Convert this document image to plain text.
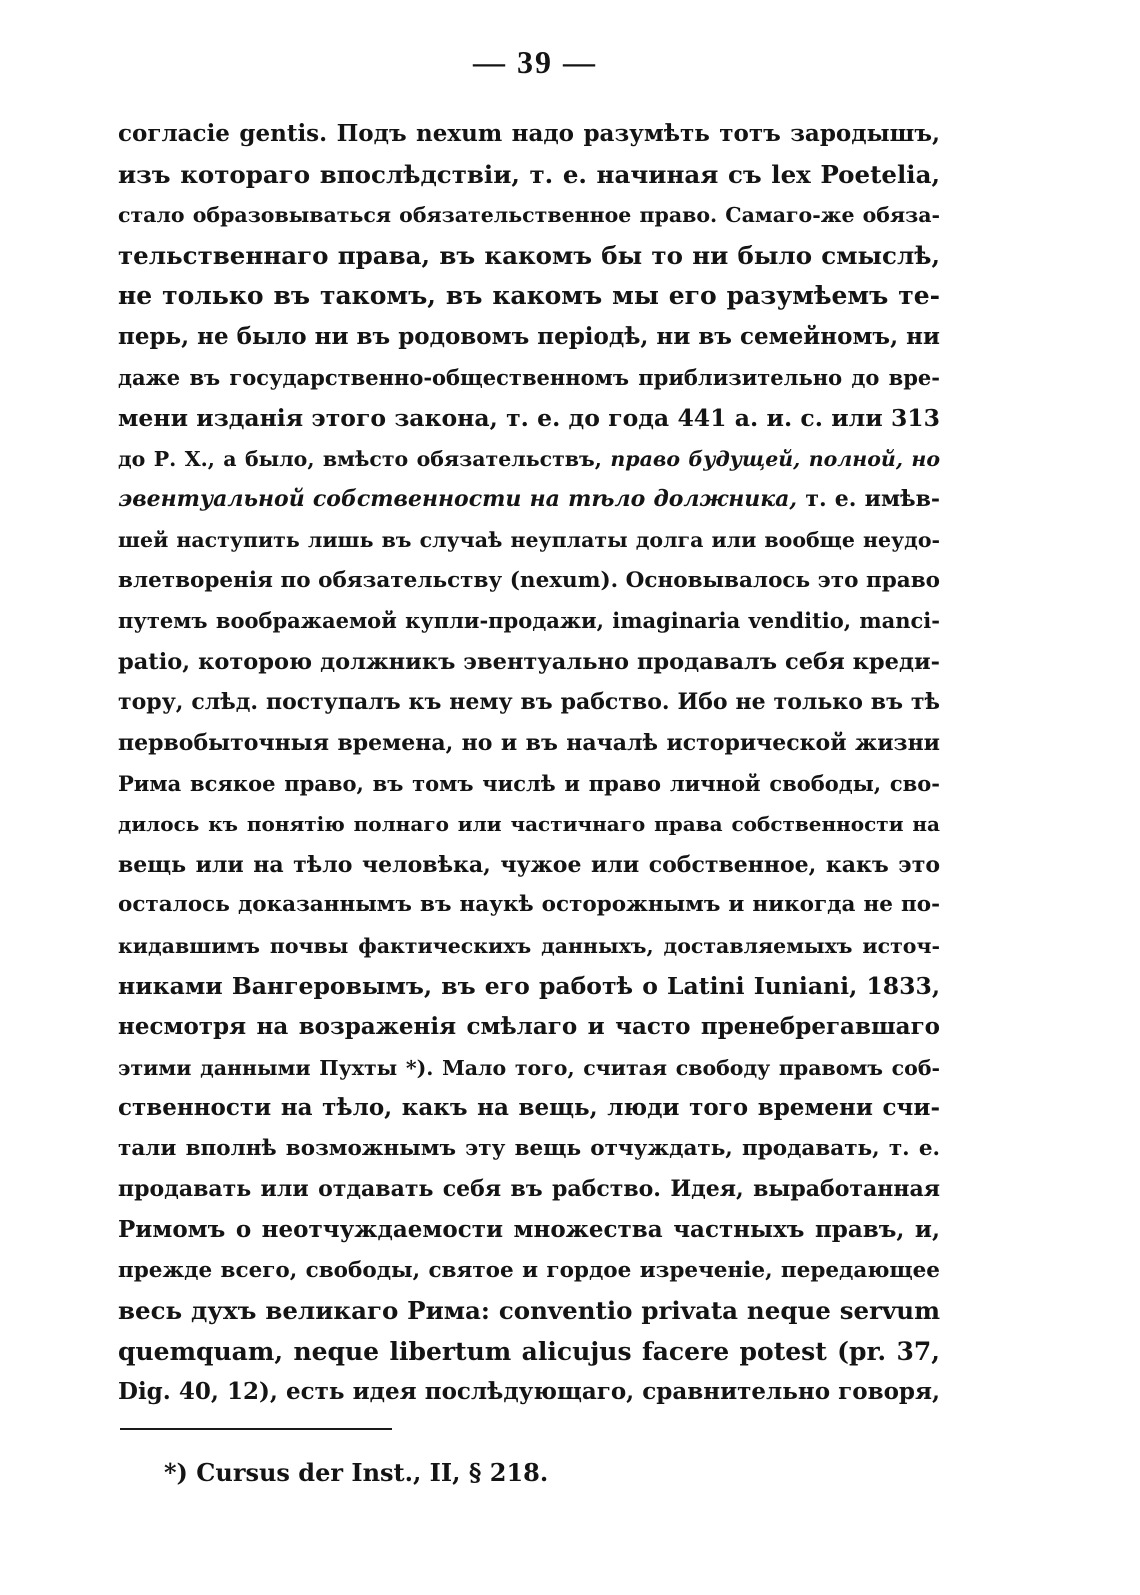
— 39 —
согласіе gentis. Подъ nexum надо разумѣть тотъ зародышъ,
изъ котораго впослѣдствіи, т. е. начиная съ lex Poetelia,
стало образовываться обязательственное право. Самаго-же обяза-
тельственнаго права, въ какомъ бы то ни было смыслѣ,
не только въ такомъ, въ какомъ мы его разумѣемъ те-
перь, не было ни въ родовомъ періодѣ, ни въ семейномъ, ни
даже въ государственно-общественномъ приблизительно до вре-
мени изданія этого закона, т. е. до года 441 а. и. с. или 313
до Р. Х., а было, вмѣсто обязательствъ, право будущей, полной, но
эвентуальной собственности на тѣло должника, т. е. имѣв-
шей наступить лишь въ случаѣ неуплаты долга или вообще неудо-
влетворенія по обязательству (nexum). Основывалось это право
путемъ воображаемой купли-продажи, imaginaria venditio, manci-
patio, которою должникъ эвентуально продавалъ себя креди-
тору, слѣд. поступалъ къ нему въ рабство. Ибо не только въ тѣ
первобыточныя времена, но и въ началѣ исторической жизни
Рима всякое право, въ томъ числѣ и право личной свободы, сво-
дилось къ понятію полнаго или частичнаго права собственности на
вещь или на тѣло человѣка, чужое или собственное, какъ это
осталось доказаннымъ въ наукѣ осторожнымъ и никогда не по-
кидавшимъ почвы фактическихъ данныхъ, доставляемыхъ источ-
никами Вангеровымъ, въ его работѣ о Latini Iuniani, 1833,
несмотря на возраженія смѣлаго и часто пренебрегавшаго
этими данными Пухты *). Мало того, считая свободу правомъ соб-
ственности на тѣло, какъ на вещь, люди того времени счи-
тали вполнѣ возможнымъ эту вещь отчуждать, продавать, т. е.
продавать или отдавать себя въ рабство. Идея, выработанная
Римомъ о неотчуждаемости множества частныхъ правъ, и,
прежде всего, свободы, святое и гордое изреченіе, передающее
весь духъ великаго Рима: conventio privata neque servum
quemquam, neque libertum alicujus facere potest (pr. 37,
Dig. 40, 12), есть идея послѣдующаго, сравнительно говоря,
*) Cursus der Inst., II, § 218.
